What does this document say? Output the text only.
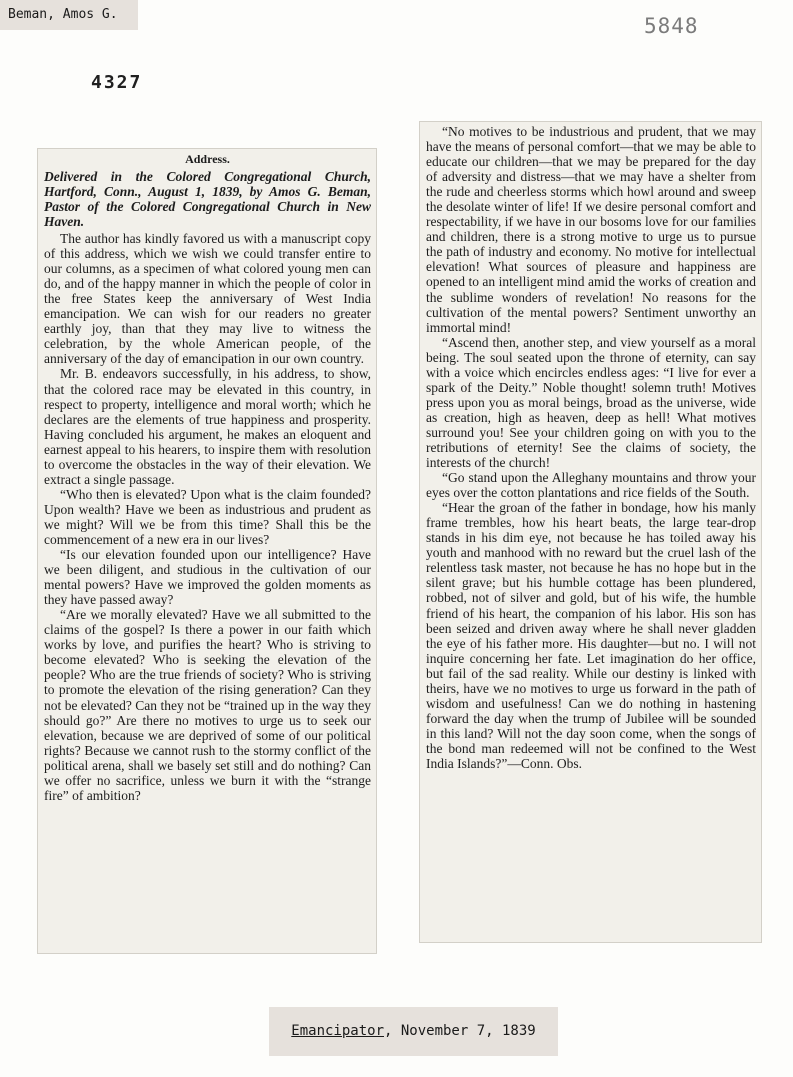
Beman, Amos G.	5848
4327

Address.

Delivered in the Colored Congregational Church, Hartford, Conn., August 1, 1839, by Amos G. Beman, Pastor of the Colored Congregational Church in New Haven.

The author has kindly favored us with a manuscript copy of this address, which we wish we could transfer entire to our columns, as a specimen of what colored young men can do, and of the happy manner in which the people of color in the free States keep the anniversary of West India emancipation. We can wish for our readers no greater earthly joy, than that they may live to witness the celebration, by the whole American people, of the anniversary of the day of emancipation in our own country.

Mr. B. endeavors successfully, in his address, to show, that the colored race may be elevated in this country, in respect to property, intelligence and moral worth; which he declares are the elements of true happiness and prosperity. Having concluded his argument, he makes an eloquent and earnest appeal to his hearers, to inspire them with resolution to overcome the obstacles in the way of their elevation. We extract a single passage.

“Who then is elevated? Upon what is the claim founded? Upon wealth? Have we been as industrious and prudent as we might? Will we be from this time? Shall this be the commencement of a new era in our lives?

“Is our elevation founded upon our intelligence? Have we been diligent, and studious in the cultivation of our mental powers? Have we improved the golden moments as they have passed away?

“Are we morally elevated? Have we all submitted to the claims of the gospel? Is there a power in our faith which works by love, and purifies the heart? Who is striving to become elevated? Who is seeking the elevation of the people? Who are the true friends of society? Who is striving to promote the elevation of the rising generation? Can they not be elevated? Can they not be “trained up in the way they should go?” Are there no motives to urge us to seek our elevation, because we are deprived of some of our political rights? Because we cannot rush to the stormy conflict of the political arena, shall we basely set still and do nothing? Can we offer no sacrifice, unless we burn it with the “strange fire” of ambition?

“No motives to be industrious and prudent, that we may have the means of personal comfort—that we may be able to educate our children—that we may be prepared for the day of adversity and distress—that we may have a shelter from the rude and cheerless storms which howl around and sweep the desolate winter of life! If we desire personal comfort and respectability, if we have in our bosoms love for our families and children, there is a strong motive to urge us to pursue the path of industry and economy. No motive for intellectual elevation! What sources of pleasure and happiness are opened to an intelligent mind amid the works of creation and the sublime wonders of revelation! No reasons for the cultivation of the mental powers? Sentiment unworthy an immortal mind!

“Ascend then, another step, and view yourself as a moral being. The soul seated upon the throne of eternity, can say with a voice which encircles endless ages: “I live for ever a spark of the Deity.” Noble thought! solemn truth! Motives press upon you as moral beings, broad as the universe, wide as creation, high as heaven, deep as hell! What motives surround you! See your children going on with you to the retributions of eternity! See the claims of society, the interests of the church!

“Go stand upon the Alleghany mountains and throw your eyes over the cotton plantations and rice fields of the South.

“Hear the groan of the father in bondage, how his manly frame trembles, how his heart beats, the large tear-drop stands in his dim eye, not because he has toiled away his youth and manhood with no reward but the cruel lash of the relentless task master, not because he has no hope but in the silent grave; but his humble cottage has been plundered, robbed, not of silver and gold, but of his wife, the humble friend of his heart, the companion of his labor. His son has been seized and driven away where he shall never gladden the eye of his father more. His daughter—but no. I will not inquire concerning her fate. Let imagination do her office, but fail of the sad reality. While our destiny is linked with theirs, have we no motives to urge us forward in the path of wisdom and usefulness! Can we do nothing in hastening forward the day when the trump of Jubilee will be sounded in this land? Will not the day soon come, when the songs of the bond man redeemed will not be confined to the West India Islands?”—Conn. Obs.

Emancipator, November 7, 1839
